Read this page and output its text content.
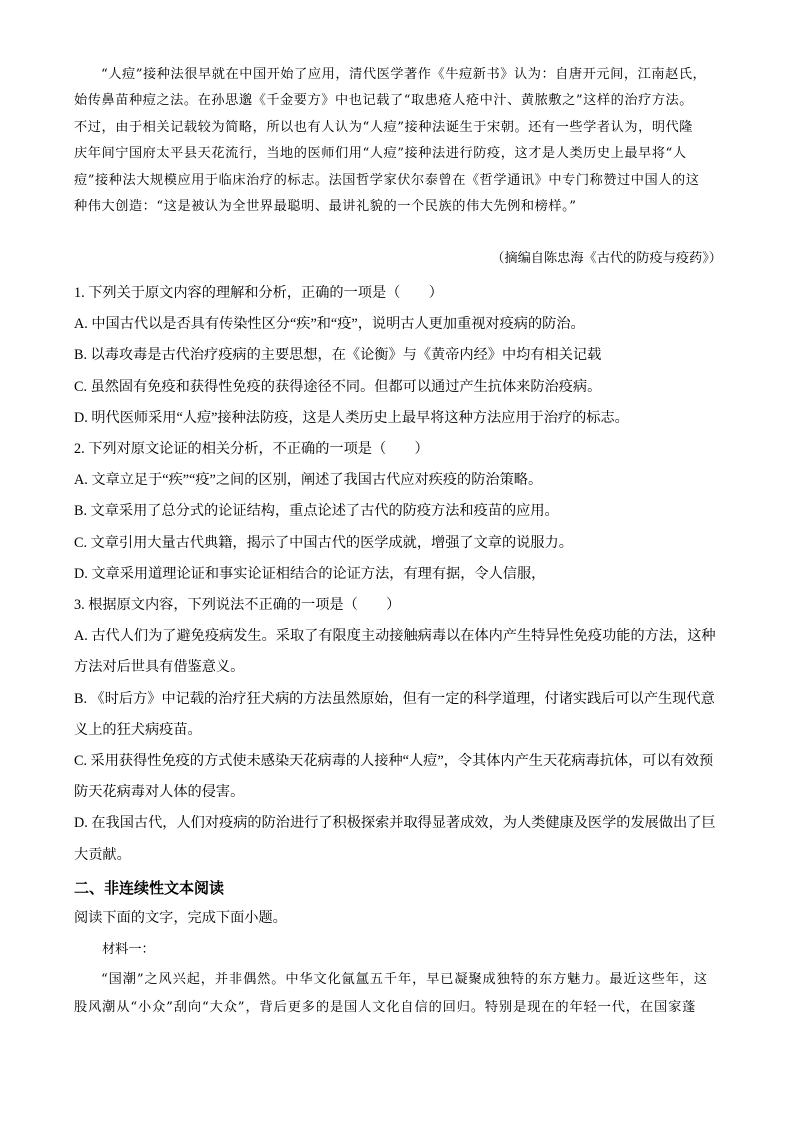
“人痘”接种法很早就在中国开始了应用，清代医学著作《牛痘新书》认为：自唐开元间，江南赵氏，
始传鼻苗种痘之法。在孙思邈《千金要方》中也记载了“取患疮人疮中汁、黄脓敷之”这样的治疗方法。
不过，由于相关记载较为简略，所以也有人认为“人痘”接种法诞生于宋朝。还有一些学者认为，明代隆
庆年间宁国府太平县天花流行，当地的医师们用“人痘”接种法进行防疫，这才是人类历史上最早将“人
痘”接种法大规模应用于临床治疗的标志。法国哲学家伏尔泰曾在《哲学通讯》中专门称赞过中国人的这
种伟大创造：“这是被认为全世界最聪明、最讲礼貌的一个民族的伟大先例和榜样。”
（摘编自陈忠海《古代的防疫与疫药》）
1. 下列关于原文内容的理解和分析，正确的一项是（　　）
A. 中国古代以是否具有传染性区分“疾”和“疫”，说明古人更加重视对疫病的防治。
B. 以毒攻毒是古代治疗疫病的主要思想，在《论衡》与《黄帝内经》中均有相关记载
C. 虽然固有免疫和获得性免疫的获得途径不同。但都可以通过产生抗体来防治疫病。
D. 明代医师采用“人痘”接种法防疫，这是人类历史上最早将这种方法应用于治疗的标志。
2. 下列对原文论证的相关分析，不正确的一项是（　　）
A. 文章立足于“疾”“疫”之间的区别，阐述了我国古代应对疾疫的防治策略。
B. 文章采用了总分式的论证结构，重点论述了古代的防疫方法和疫苗的应用。
C. 文章引用大量古代典籍，揭示了中国古代的医学成就，增强了文章的说服力。
D. 文章采用道理论证和事实论证相结合的论证方法，有理有据，令人信服，
3. 根据原文内容，下列说法不正确的一项是（　　）
A. 古代人们为了避免疫病发生。采取了有限度主动接触病毒以在体内产生特异性免疫功能的方法，这种方法对后世具有借鉴意义。
B. 《时后方》中记载的治疗狂犬病的方法虽然原始，但有一定的科学道理，付诸实践后可以产生现代意义上的狂犬病疫苗。
C. 采用获得性免疫的方式使未感染天花病毒的人接种“人痘”，令其体内产生天花病毒抗体，可以有效预防天花病毒对人体的侵害。
D. 在我国古代，人们对疫病的防治进行了积极探索并取得显著成效，为人类健康及医学的发展做出了巨大贡献。
二、非连续性文本阅读
阅读下面的文字，完成下面小题。
材料一：
“国潮”之风兴起，并非偶然。中华文化氤氲五千年，早已凝聚成独特的东方魅力。最近这些年，这股风潮从“小众”刮向“大众”，背后更多的是国人文化自信的回归。特别是现在的年轻一代，在国家蓬
